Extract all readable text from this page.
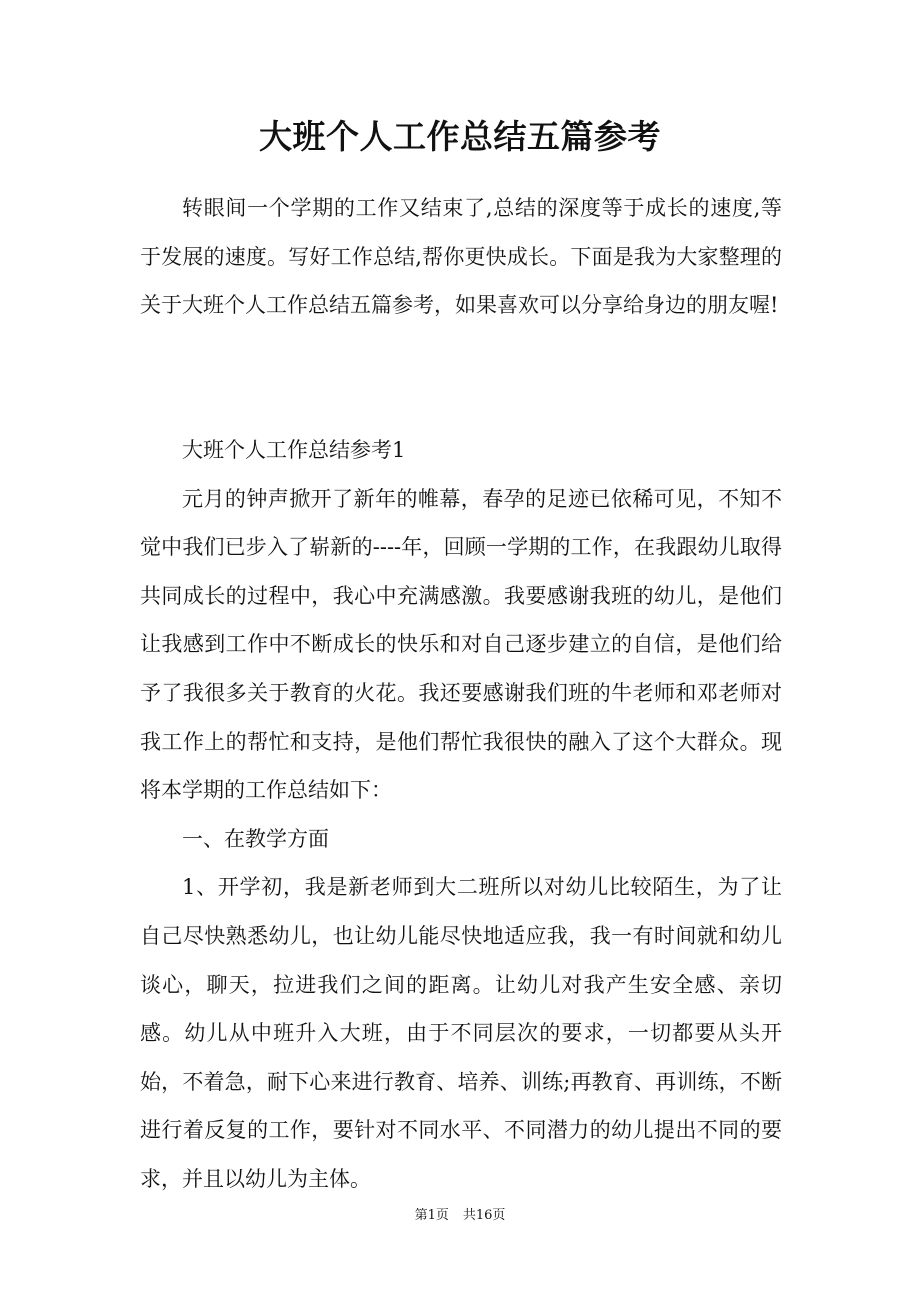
大班个人工作总结五篇参考

转眼间一个学期的工作又结束了,总结的深度等于成长的速度,等于发展的速度。写好工作总结,帮你更快成长。下面是我为大家整理的关于大班个人工作总结五篇参考，如果喜欢可以分享给身边的朋友喔!

大班个人工作总结参考1

元月的钟声掀开了新年的帷幕，春孕的足迹已依稀可见，不知不觉中我们已步入了崭新的----年，回顾一学期的工作，在我跟幼儿取得共同成长的过程中，我心中充满感激。我要感谢我班的幼儿，是他们让我感到工作中不断成长的快乐和对自己逐步建立的自信，是他们给予了我很多关于教育的火花。我还要感谢我们班的牛老师和邓老师对我工作上的帮忙和支持，是他们帮忙我很快的融入了这个大群众。现将本学期的工作总结如下：

一、在教学方面

1、开学初，我是新老师到大二班所以对幼儿比较陌生，为了让自己尽快熟悉幼儿，也让幼儿能尽快地适应我，我一有时间就和幼儿谈心，聊天，拉进我们之间的距离。让幼儿对我产生安全感、亲切感。幼儿从中班升入大班，由于不同层次的要求，一切都要从头开始，不着急，耐下心来进行教育、培养、训练;再教育、再训练，不断进行着反复的工作，要针对不同水平、不同潜力的幼儿提出不同的要求，并且以幼儿为主体。

第1页 共16页
